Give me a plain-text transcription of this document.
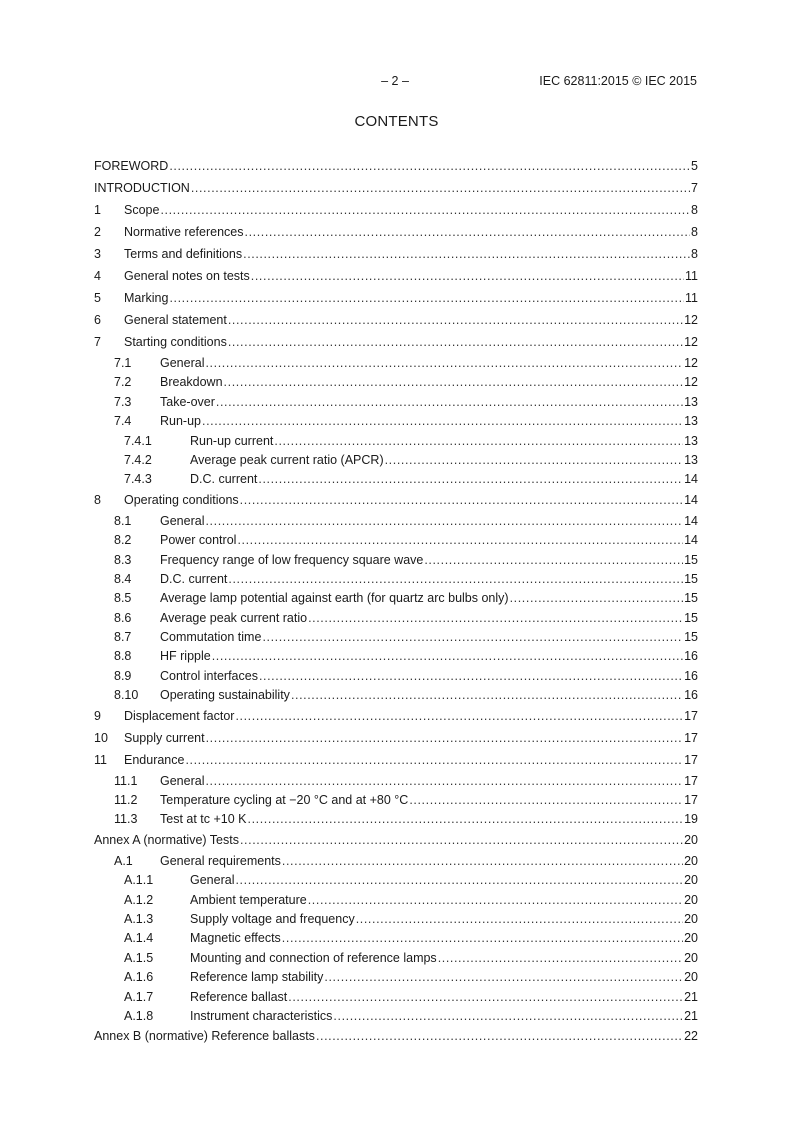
– 2 –	IEC 62811:2015 © IEC 2015
CONTENTS
FOREWORD .....	5
INTRODUCTION .....	7
1	Scope .....	8
2	Normative references .....	8
3	Terms and definitions .....	8
4	General notes on tests .....	11
5	Marking .....	11
6	General statement .....	12
7	Starting conditions .....	12
7.1	General .....	12
7.2	Breakdown .....	12
7.3	Take-over .....	13
7.4	Run-up .....	13
7.4.1	Run-up current .....	13
7.4.2	Average peak current ratio (APCR) .....	13
7.4.3	D.C. current .....	14
8	Operating conditions .....	14
8.1	General .....	14
8.2	Power control .....	14
8.3	Frequency range of low frequency square wave .....	15
8.4	D.C. current .....	15
8.5	Average lamp potential against earth (for quartz arc bulbs only) .....	15
8.6	Average peak current ratio .....	15
8.7	Commutation time .....	15
8.8	HF ripple .....	16
8.9	Control interfaces .....	16
8.10	Operating sustainability .....	16
9	Displacement factor .....	17
10	Supply current .....	17
11	Endurance .....	17
11.1	General .....	17
11.2	Temperature cycling at −20 °C and at +80 °C .....	17
11.3	Test at tc +10 K .....	19
Annex A (normative) Tests .....	20
A.1	General requirements .....	20
A.1.1	General .....	20
A.1.2	Ambient temperature .....	20
A.1.3	Supply voltage and frequency .....	20
A.1.4	Magnetic effects .....	20
A.1.5	Mounting and connection of reference lamps .....	20
A.1.6	Reference lamp stability .....	20
A.1.7	Reference ballast .....	21
A.1.8	Instrument characteristics .....	21
Annex B (normative) Reference ballasts .....	22
